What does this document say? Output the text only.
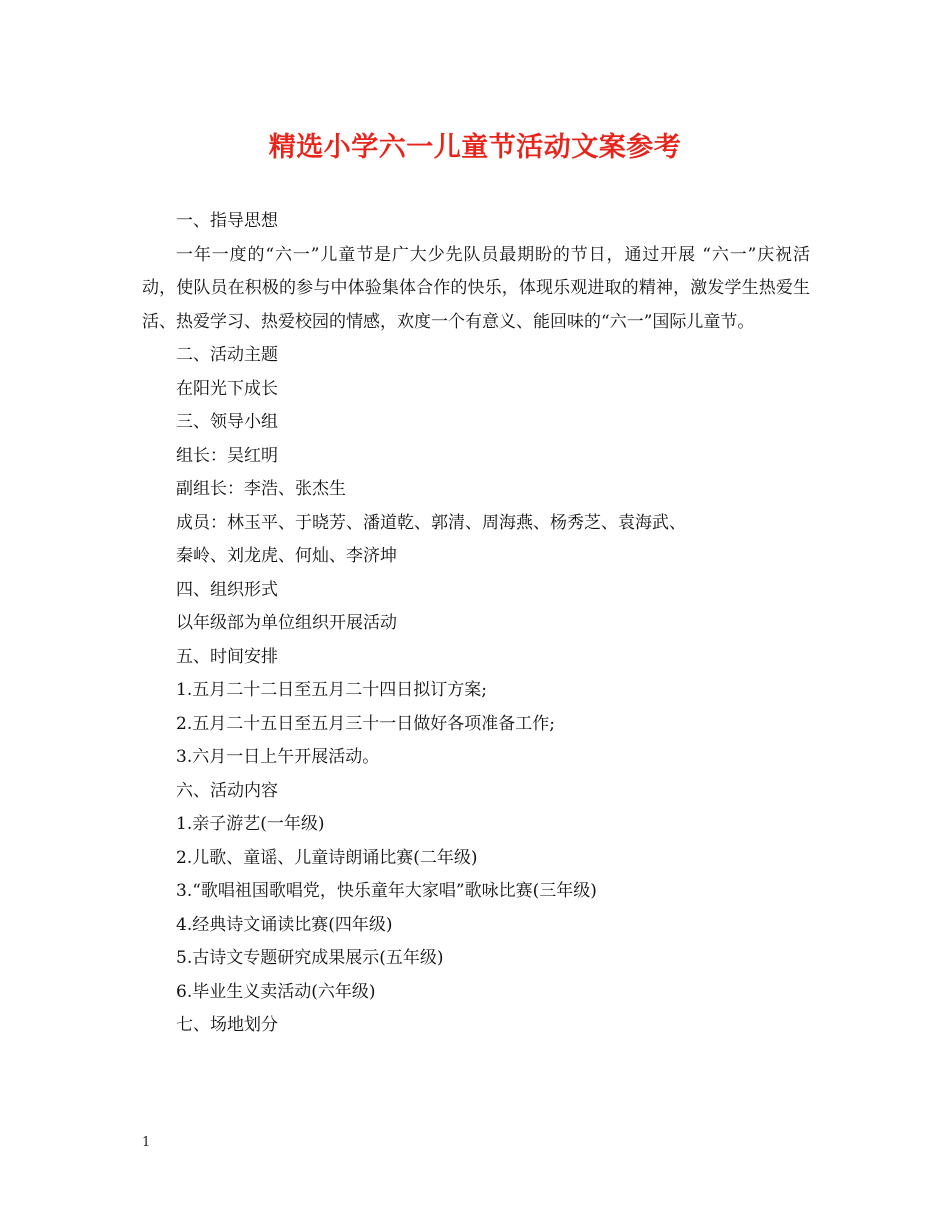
精选小学六一儿童节活动文案参考
一、指导思想
一年一度的“六一”儿童节是广大少先队员最期盼的节日，通过开展 “六一”庆祝活动，使队员在积极的参与中体验集体合作的快乐，体现乐观进取的精神，激发学生热爱生活、热爱学习、热爱校园的情感，欢度一个有意义、能回味的“六一”国际儿童节。
二、活动主题
在阳光下成长
三、领导小组
组长：吴红明
副组长：李浩、张杰生
成员：林玉平、于晓芳、潘道乾、郭清、周海燕、杨秀芝、袁海武、
秦岭、刘龙虎、何灿、李济坤
四、组织形式
以年级部为单位组织开展活动
五、时间安排
1.五月二十二日至五月二十四日拟订方案;
2.五月二十五日至五月三十一日做好各项准备工作;
3.六月一日上午开展活动。
六、活动内容
1.亲子游艺(一年级)
2.儿歌、童谣、儿童诗朗诵比赛(二年级)
3.“歌唱祖国歌唱党，快乐童年大家唱”歌咏比赛(三年级)
4.经典诗文诵读比赛(四年级)
5.古诗文专题研究成果展示(五年级)
6.毕业生义卖活动(六年级)
七、场地划分
1
